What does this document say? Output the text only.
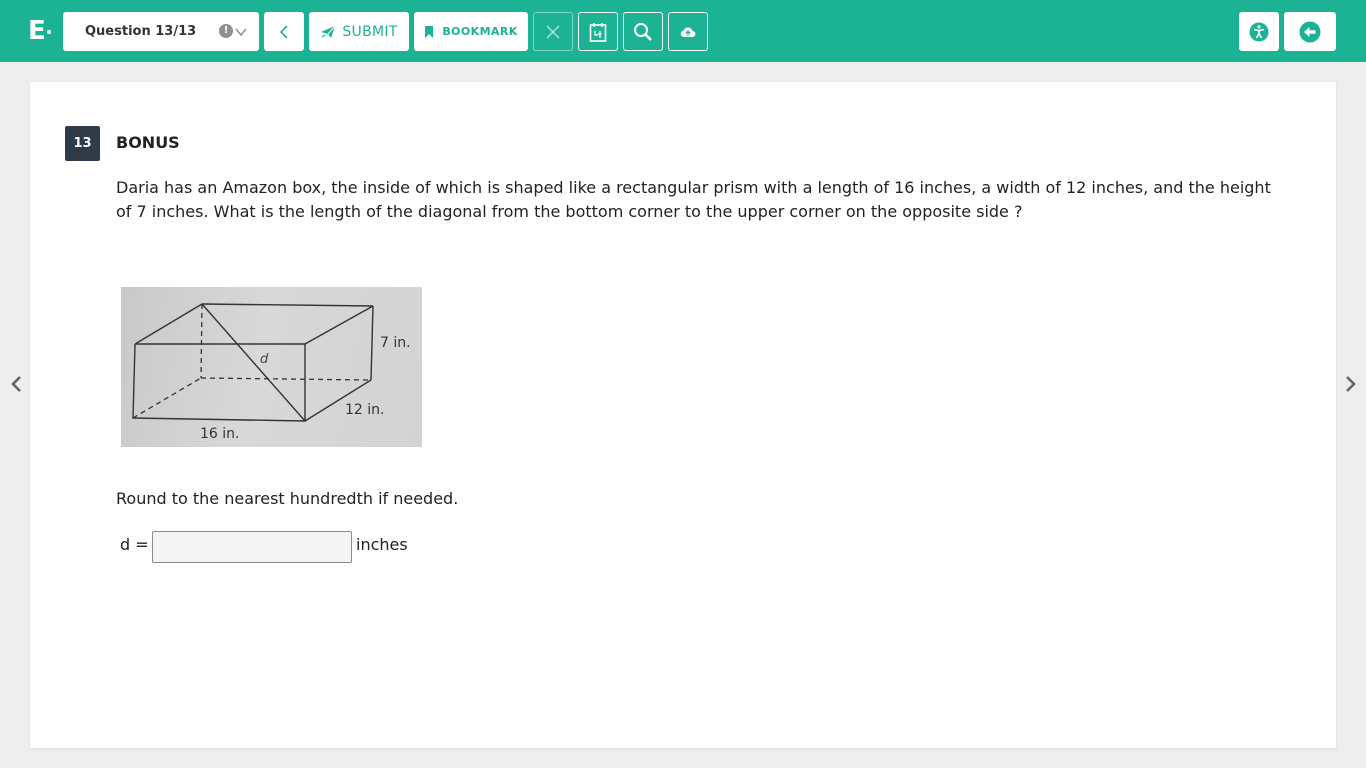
E	Question 13/13	!	SUBMIT	BOOKMARK
13	BONUS
Daria has an Amazon box, the inside of which is shaped like a rectangular prism with a length of 16 inches, a width of 12 inches, and the height of 7 inches. What is the length of the diagonal from the bottom corner to the upper corner on the opposite side ?
d
7 in.
12 in.
16 in.
Round to the nearest hundredth if needed.
d =	inches
